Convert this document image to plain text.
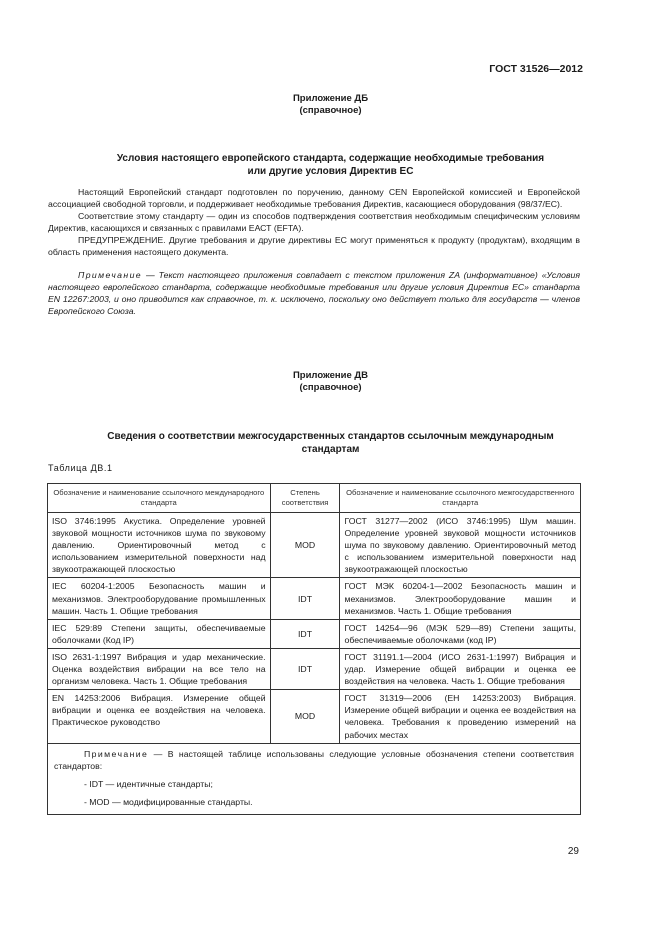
ГОСТ 31526—2012
Приложение ДБ
(справочное)
Условия настоящего европейского стандарта, содержащие необходимые требования
или другие условия Директив ЕС
Настоящий Европейский стандарт подготовлен по поручению, данному CEN Европейской комиссией и Европейской ассоциацией свободной торговли, и поддерживает необходимые требования Директив, касающиеся оборудования (98/37/ЕС).
Соответствие этому стандарту — один из способов подтверждения соответствия необходимым специфическим условиям Директив, касающихся и связанных с правилами ЕАСТ (EFTA).
ПРЕДУПРЕЖДЕНИЕ. Другие требования и другие директивы ЕС могут применяться к продукту (продуктам), входящим в область применения настоящего документа.
Примечание — Текст настоящего приложения совпадает с текстом приложения ZA (информативное) «Условия настоящего европейского стандарта, содержащие необходимые требования или другие условия Директив ЕС» стандарта EN 12267:2003, и оно приводится как справочное, т. к. исключено, поскольку оно действует только для государств — членов Европейского Союза.
Приложение ДВ
(справочное)
Сведения о соответствии межгосударственных стандартов ссылочным международным
стандартам
Таблица ДВ.1
Обозначение и наименование ссылочного международного стандарта	Степень соответствия	Обозначение и наименование ссылочного межгосударственного стандарта
ISO 3746:1995 Акустика. Определение уровней звуковой мощности источников шума по звуковому давлению. Ориентировочный метод с использованием измерительной поверхности над звукоотражающей плоскостью	MOD	ГОСТ 31277—2002 (ИСО 3746:1995) Шум машин. Определение уровней звуковой мощности источников шума по звуковому давлению. Ориентировочный метод с использованием измерительной поверхности над звукоотражающей плоскостью
IEC 60204-1:2005 Безопасность машин и механизмов. Электрооборудование промышленных машин. Часть 1. Общие требования	IDT	ГОСТ МЭК 60204-1—2002 Безопасность машин и механизмов. Электрооборудование машин и механизмов. Часть 1. Общие требования
IEC 529:89 Степени защиты, обеспечиваемые оболочками (Код IP)	IDT	ГОСТ 14254—96 (МЭК 529—89) Степени защиты, обеспечиваемые оболочками (код IP)
ISO 2631-1:1997 Вибрация и удар механические. Оценка воздействия вибрации на все тело на организм человека. Часть 1. Общие требования	IDT	ГОСТ 31191.1—2004 (ИСО 2631-1:1997) Вибрация и удар. Измерение общей вибрации и оценка ее воздействия на человека. Часть 1. Общие требования
EN 14253:2006 Вибрация. Измерение общей вибрации и оценка ее воздействия на человека. Практическое руководство	MOD	ГОСТ 31319—2006 (ЕН 14253:2003) Вибрация. Измерение общей вибрации и оценка ее воздействия на человека. Требования к проведению измерений на рабочих местах

Примечание — В настоящей таблице использованы следующие условные обозначения степени соответствия стандартов:
- IDT — идентичные стандарты;
- MOD — модифицированные стандарты.		
29
